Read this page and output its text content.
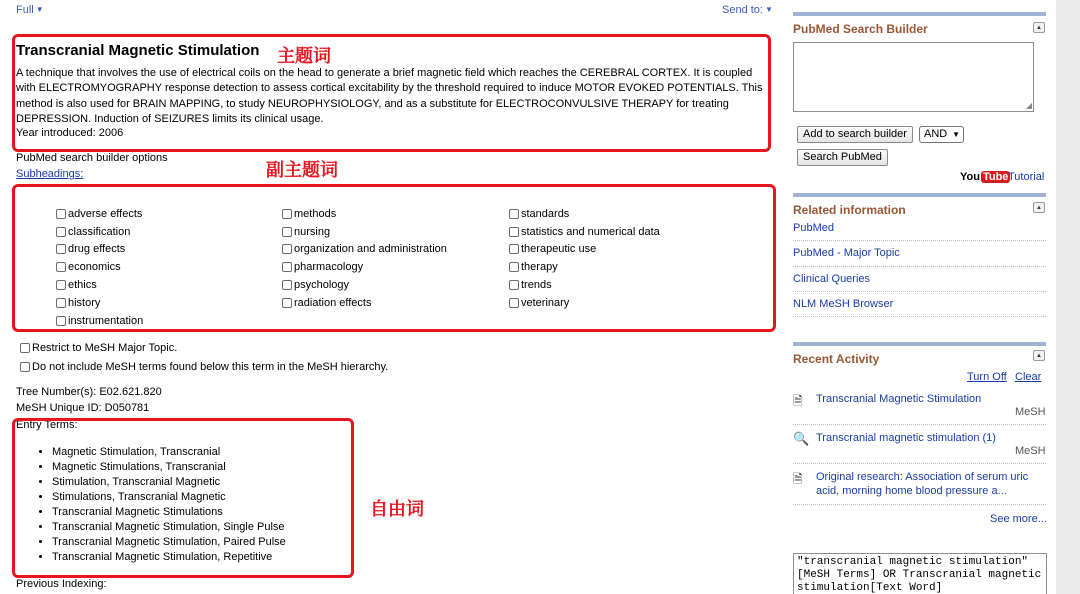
Full ▼	Send to: ▼
Transcranial Magnetic Stimulation
A technique that involves the use of electrical coils on the head to generate a brief magnetic field which reaches the CEREBRAL CORTEX. It is coupled with ELECTROMYOGRAPHY response detection to assess cortical excitability by the threshold required to induce MOTOR EVOKED POTENTIALS. This method is also used for BRAIN MAPPING, to study NEUROPHYSIOLOGY, and as a substitute for ELECTROCONVULSIVE THERAPY for treating DEPRESSION. Induction of SEIZURES limits its clinical usage.
Year introduced: 2006
主题词
PubMed search builder options
Subheadings:	副主题词
adverse effects
classification
drug effects
economics
ethics
history
instrumentation
methods
nursing
organization and administration
pharmacology
psychology
radiation effects
standards
statistics and numerical data
therapeutic use
therapy
trends
veterinary
Restrict to MeSH Major Topic.
Do not include MeSH terms found below this term in the MeSH hierarchy.
Tree Number(s): E02.621.820
MeSH Unique ID: D050781
Entry Terms:
• Magnetic Stimulation, Transcranial
• Magnetic Stimulations, Transcranial
• Stimulation, Transcranial Magnetic
• Stimulations, Transcranial Magnetic
• Transcranial Magnetic Stimulations
• Transcranial Magnetic Stimulation, Single Pulse
• Transcranial Magnetic Stimulation, Paired Pulse
• Transcranial Magnetic Stimulation, Repetitive
自由词
Previous Indexing:
PubMed Search Builder	▲
◢
Add to search builder	AND ▼
Search PubMed
You Tube Tutorial
Related information	▲
PubMed
PubMed - Major Topic
Clinical Queries
NLM MeSH Browser
Recent Activity	▲
Turn Off Clear
🗎 Transcranial Magnetic Stimulation
MeSH
🔍 Transcranial magnetic stimulation (1)
MeSH
🗎 Original research: Association of serum uric acid, morning home blood pressure a...
See more...
"transcranial magnetic stimulation"[MeSH Terms] OR Transcranial magnetic stimulation[Text Word]
